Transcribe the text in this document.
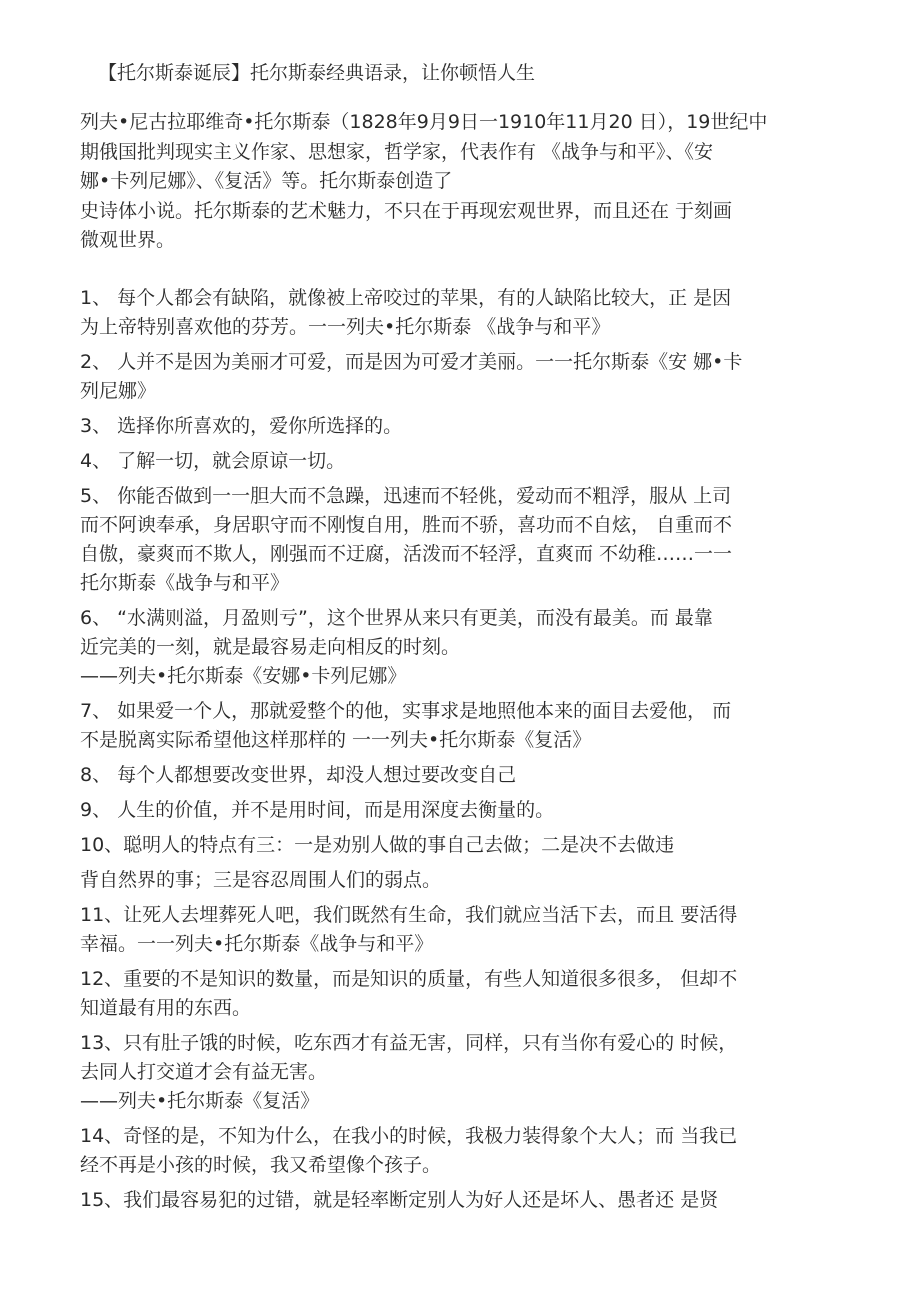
【托尔斯泰诞辰】托尔斯泰经典语录，让你顿悟人生
列夫•尼古拉耶维奇•托尔斯泰（1828年9月9日一1910年11月20 日），19世纪中
期俄国批判现实主义作家、思想家，哲学家，代表作有 《战争与和平》、《安
娜•卡列尼娜》、《复活》等。托尔斯泰创造了
史诗体小说。托尔斯泰的艺术魅力，不只在于再现宏观世界，而且还在 于刻画
微观世界。
1、 每个人都会有缺陷，就像被上帝咬过的苹果，有的人缺陷比较大，正 是因
为上帝特别喜欢他的芬芳。一一列夫•托尔斯泰 《战争与和平》
2、 人并不是因为美丽才可爱，而是因为可爱才美丽。一一托尔斯泰《安 娜•卡
列尼娜》
3、 选择你所喜欢的，爱你所选择的。
4、 了解一切，就会原谅一切。
5、 你能否做到一一胆大而不急躁，迅速而不轻佻，爱动而不粗浮，服从 上司
而不阿谀奉承，身居职守而不刚愎自用，胜而不骄，喜功而不自炫， 自重而不
自傲，豪爽而不欺人，刚强而不迂腐，活泼而不轻浮，直爽而 不幼稚……一一
托尔斯泰《战争与和平》
6、 “水满则溢，月盈则亏”，这个世界从来只有更美，而没有最美。而 最靠
近完美的一刻，就是最容易走向相反的时刻。
——列夫•托尔斯泰《安娜•卡列尼娜》
7、 如果爱一个人，那就爱整个的他，实事求是地照他本来的面目去爱他， 而
不是脱离实际希望他这样那样的 一一列夫•托尔斯泰《复活》
8、 每个人都想要改变世界，却没人想过要改变自己
9、 人生的价值，并不是用时间，而是用深度去衡量的。
10、聪明人的特点有三：一是劝别人做的事自己去做；二是决不去做违
背自然界的事；三是容忍周围人们的弱点。
11、让死人去埋葬死人吧，我们既然有生命，我们就应当活下去，而且 要活得
幸福。一一列夫•托尔斯泰《战争与和平》
12、重要的不是知识的数量，而是知识的质量，有些人知道很多很多， 但却不
知道最有用的东西。
13、只有肚子饿的时候，吃东西才有益无害，同样，只有当你有爱心的 时候，
去同人打交道才会有益无害。
——列夫•托尔斯泰《复活》
14、奇怪的是，不知为什么，在我小的时候，我极力装得象个大人；而 当我已
经不再是小孩的时候，我又希望像个孩子。
15、我们最容易犯的过错，就是轻率断定别人为好人还是坏人、愚者还 是贤
